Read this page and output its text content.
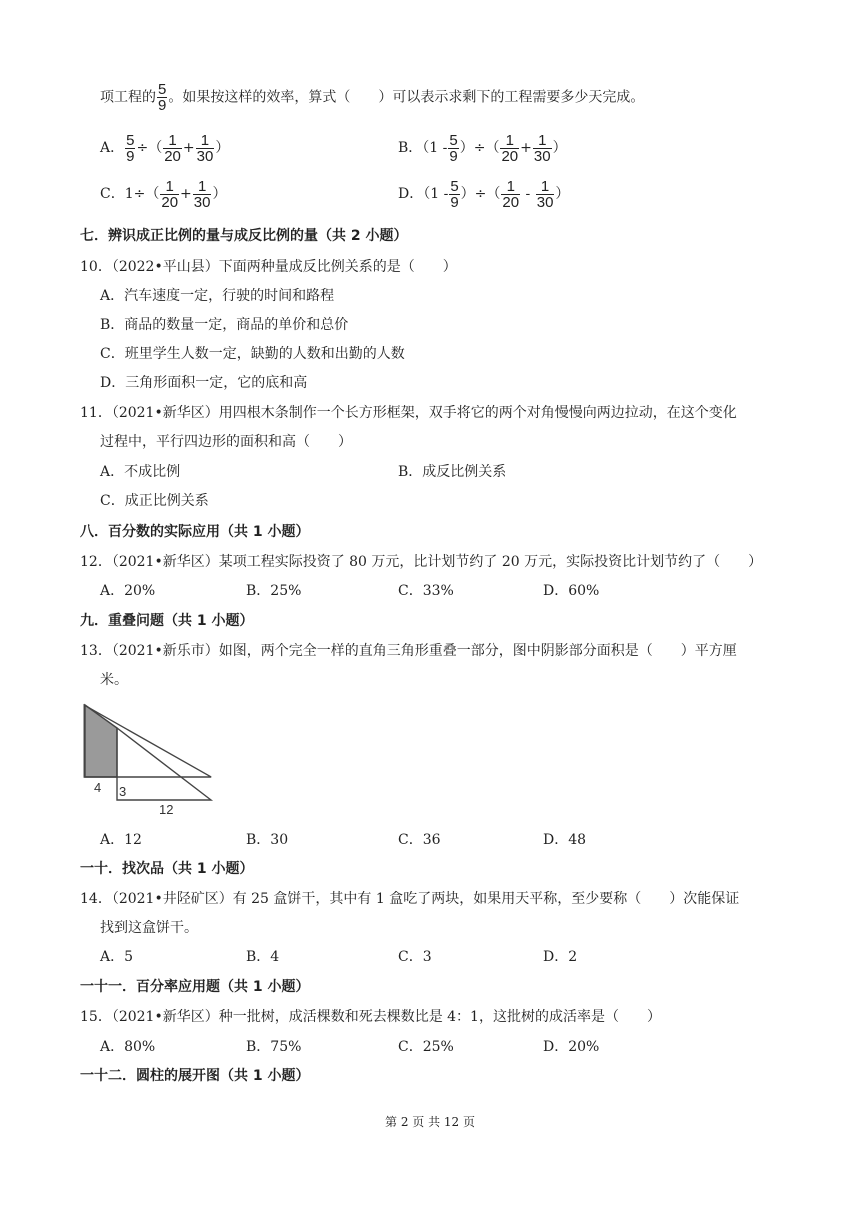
项工程的 $\frac{5}{9}$ 。如果按这样的效率，算式（　　）可以表示求剩下的工程需要多少天完成。
A． $\frac{5}{9}$ ÷（ $\frac{1}{20} + \frac{1}{30}$ ）	B．（$1 - \frac{5}{9}$ ）÷（ $\frac{1}{20} + \frac{1}{30}$ ）
C．$1\div( \frac{1}{20} + \frac{1}{30}$ ）	D．（$1 - \frac{5}{9}$ ）÷（ $\frac{1}{20} - \frac{1}{30}$ ）
七．辨识成正比例的量与成反比例的量（共 2 小题）
10．（2022•平山县）下面两种量成反比例关系的是（　　）
A．汽车速度一定，行驶的时间和路程
B．商品的数量一定，商品的单价和总价
C．班里学生人数一定，缺勤的人数和出勤的人数
D．三角形面积一定，它的底和高
11．（2021•新华区）用四根木条制作一个长方形框架，双手将它的两个对角慢慢向两边拉动，在这个变化
过程中，平行四边形的面积和高（　　）
A．不成比例	B．成反比例关系
C．成正比例关系
八．百分数的实际应用（共 1 小题）
12．（2021•新华区）某项工程实际投资了 80 万元，比计划节约了 20 万元，实际投资比计划节约了（　　）
A．20%	B．25%	C．33%	D．60%
九．重叠问题（共 1 小题）
13．（2021•新乐市）如图，两个完全一样的直角三角形重叠一部分，图中阴影部分面积是（　　）平方厘
米。
4 3
12
A．12	B．30	C．36	D．48
一十．找次品（共 1 小题）
14．（2021•井陉矿区）有 25 盒饼干，其中有 1 盒吃了两块，如果用天平称，至少要称（　　）次能保证
找到这盒饼干。
A．5	B．4	C．3	D．2
一十一．百分率应用题（共 1 小题）
15．（2021•新华区）种一批树，成活棵数和死去棵数比是 4：1，这批树的成活率是（　　）
A．80%	B．75%	C．25%	D．20%
一十二．圆柱的展开图（共 1 小题）
第 2 页 共 12 页
